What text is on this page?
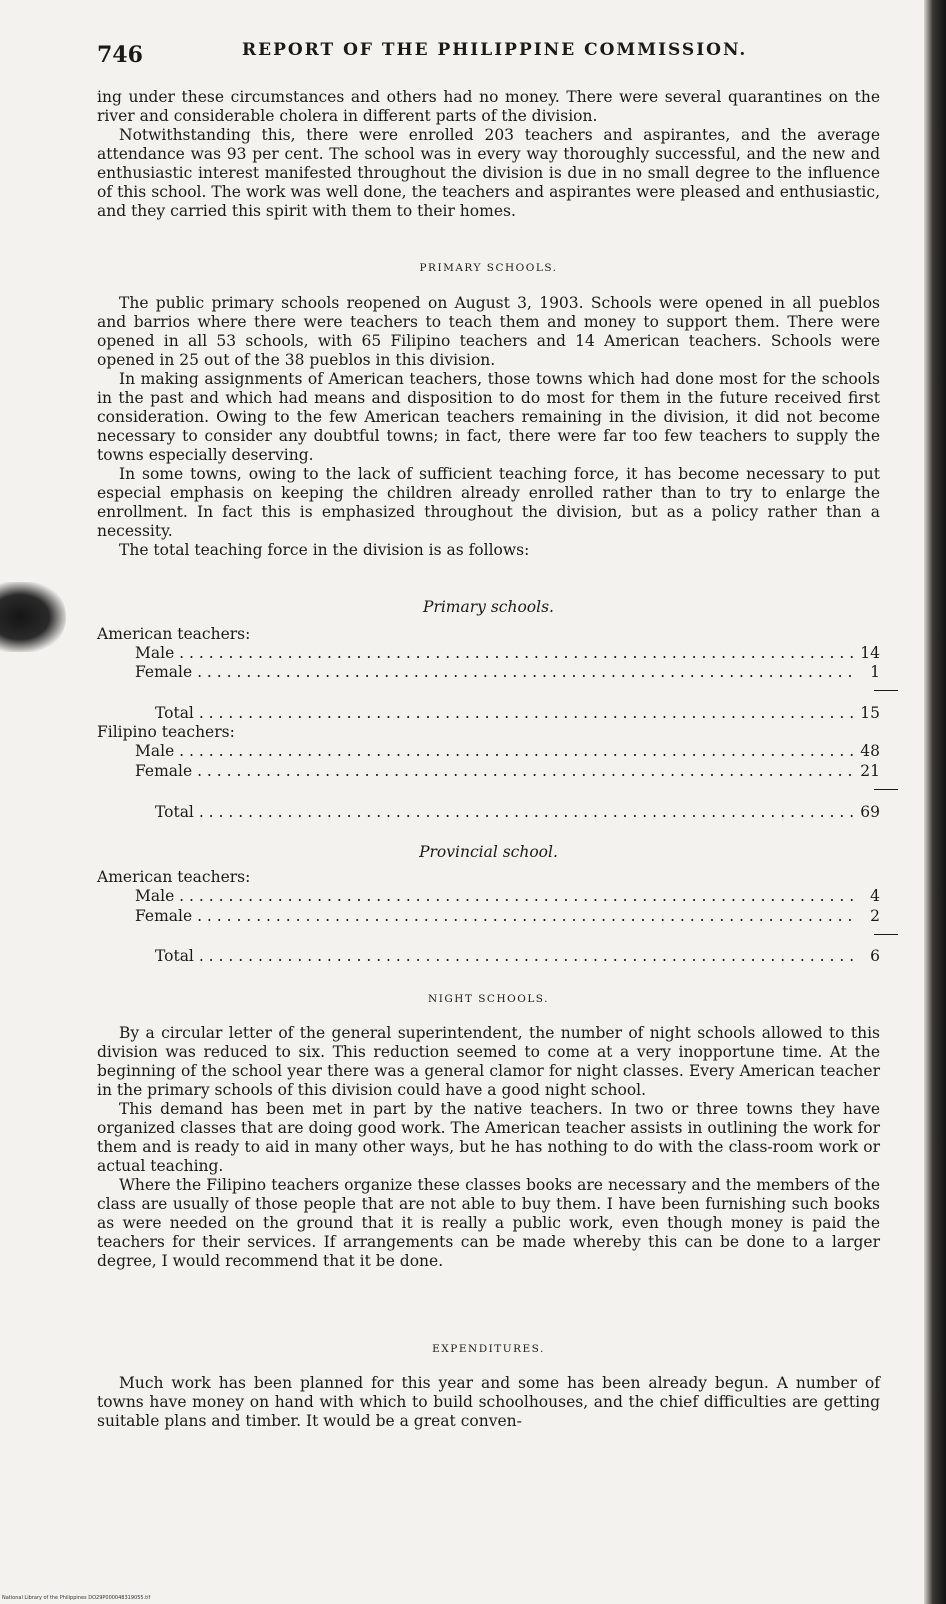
746	REPORT OF THE PHILIPPINE COMMISSION.

ing under these circumstances and others had no money. There were several quarantines on the river and considerable cholera in different parts of the division.

Notwithstanding this, there were enrolled 203 teachers and aspirantes, and the average attendance was 93 per cent. The school was in every way thoroughly successful, and the new and enthusiastic interest manifested throughout the division is due in no small degree to the influence of this school. The work was well done, the teachers and aspirantes were pleased and enthusiastic, and they carried this spirit with them to their homes.

PRIMARY SCHOOLS.

The public primary schools reopened on August 3, 1903. Schools were opened in all pueblos and barrios where there were teachers to teach them and money to support them. There were opened in all 53 schools, with 65 Filipino teachers and 14 American teachers. Schools were opened in 25 out of the 38 pueblos in this division.

In making assignments of American teachers, those towns which had done most for the schools in the past and which had means and disposition to do most for them in the future received first consideration. Owing to the few American teachers remaining in the division, it did not become necessary to consider any doubtful towns; in fact, there were far too few teachers to supply the towns especially deserving.

In some towns, owing to the lack of sufficient teaching force, it has become necessary to put especial emphasis on keeping the children already enrolled rather than to try to enlarge the enrollment. In fact this is emphasized throughout the division, but as a policy rather than a necessity.

The total teaching force in the division is as follows:

Primary schools.
American teachers:
Male . . .	14
Female . . .	1
Total . . .	15
Filipino teachers:
Male . . .	48
Female . . .	21
Total . . .	69
Provincial school.
American teachers:
Male . . .	4
Female . . .	2
Total . . .	6
NIGHT SCHOOLS.

By a circular letter of the general superintendent, the number of night schools allowed to this division was reduced to six. This reduction seemed to come at a very inopportune time. At the beginning of the school year there was a general clamor for night classes. Every American teacher in the primary schools of this division could have a good night school.

This demand has been met in part by the native teachers. In two or three towns they have organized classes that are doing good work. The American teacher assists in outlining the work for them and is ready to aid in many other ways, but he has nothing to do with the class-room work or actual teaching.

Where the Filipino teachers organize these classes books are necessary and the members of the class are usually of those people that are not able to buy them. I have been furnishing such books as were needed on the ground that it is really a public work, even though money is paid the teachers for their services. If arrangements can be made whereby this can be done to a larger degree, I would recommend that it be done.

EXPENDITURES.

Much work has been planned for this year and some has been already begun. A number of towns have money on hand with which to build schoolhouses, and the chief difficulties are getting suitable plans and timber. It would be a great conven-

National Library of the Philippines DO29P000048319055.tif
